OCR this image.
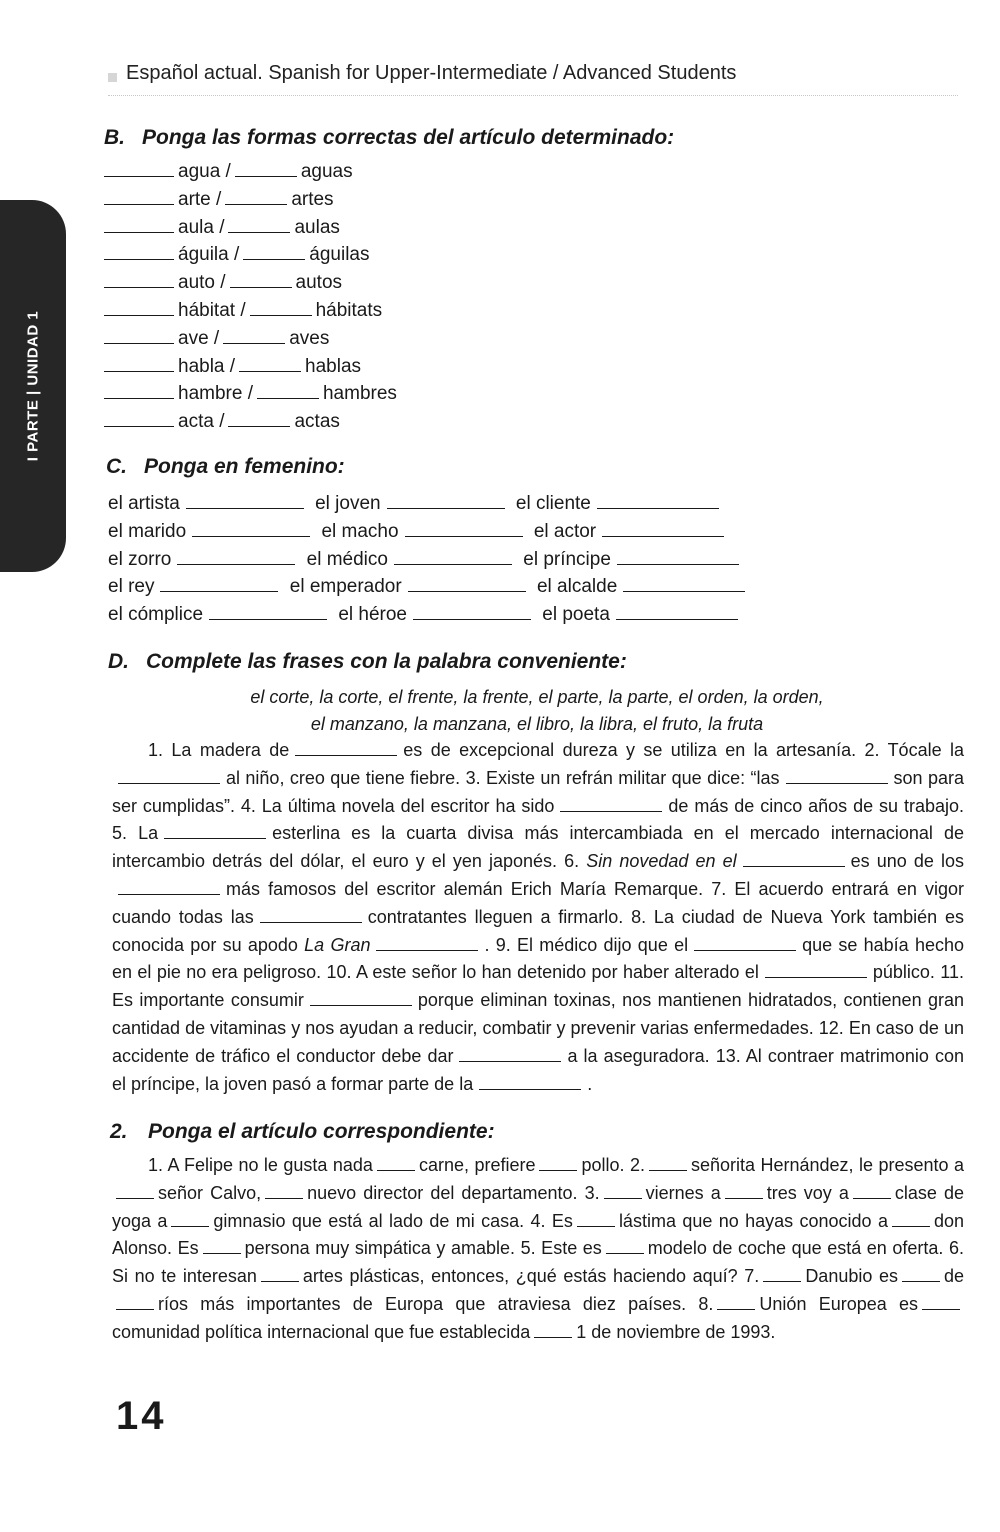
Español actual. Spanish for Upper-Intermediate / Advanced Students
I PARTE | UNIDAD 1
B. Ponga las formas correctas del artículo determinado:
agua /	aguas
arte /	artes
aula /	aulas
águila /	águilas
auto /	autos
hábitat /	hábitats
ave /	aves
habla /	hablas
hambre /	hambres
acta /	actas
C. Ponga en femenino:
el artista	el joven	el cliente
el marido	el macho	el actor
el zorro	el médico	el príncipe
el rey	el emperador	el alcalde
el cómplice	el héroe	el poeta
D. Complete las frases con la palabra conveniente:
el corte, la corte, el frente, la frente, el parte, la parte, el orden, la orden,
el manzano, la manzana, el libro, la libra, el fruto, la fruta

1. La madera de	es de excepcional dureza y se utiliza en la artesanía. 2. Tócale la al niño, creo que tiene fiebre. 3. Existe un refrán militar que dice: “las	son para ser cumplidas”. 4. La última novela del escritor ha sido	de más de cinco años de su trabajo. 5. La	esterlina es la cuarta divisa más intercambiada en el mercado internacional de intercambio detrás del dólar, el euro y el yen japonés. 6. Sin novedad en el	es uno de los más famosos del escritor alemán Erich María Remarque. 7. El acuerdo entrará en vigor cuando todas las	contratantes lleguen a firmarlo. 8. La ciudad de Nueva York también es conocida por su apodo La Gran	. 9. El médico dijo que el	que se había hecho en el pie no era peligroso. 10. A este señor lo han detenido por haber alterado el	público. 11. Es importante consumir	porque eliminan toxinas, nos mantienen hidratados, contienen gran cantidad de vitaminas y nos ayudan a reducir, combatir y prevenir varias enfermedades. 12. En caso de un accidente de tráfico el conductor debe dar	a la aseguradora. 13. Al contraer matrimonio con el príncipe, la joven pasó a formar parte de la	.

2. Ponga el artículo correspondiente:

1. A Felipe no le gusta nada	carne, prefiere	pollo. 2.	señorita Hernández, le presento aseñor Calvo,	nuevo director del departamento. 3.	viernes a	tres voy a	clase de yoga a	gimnasio que está al lado de mi casa. 4. Es	lástima que no hayas conocido a	don Alonso. Es	persona muy simpática y amable. 5. Este es	modelo de coche que está en oferta. 6. Si no te interesan	artes plásticas, entonces, ¿qué estás haciendo aquí? 7.	Danubio es	deríos más importantes de Europa que atraviesa diez países. 8.	Unión Europea escomunidad política internacional que fue establecida	1 de noviembre de 1993.

14
